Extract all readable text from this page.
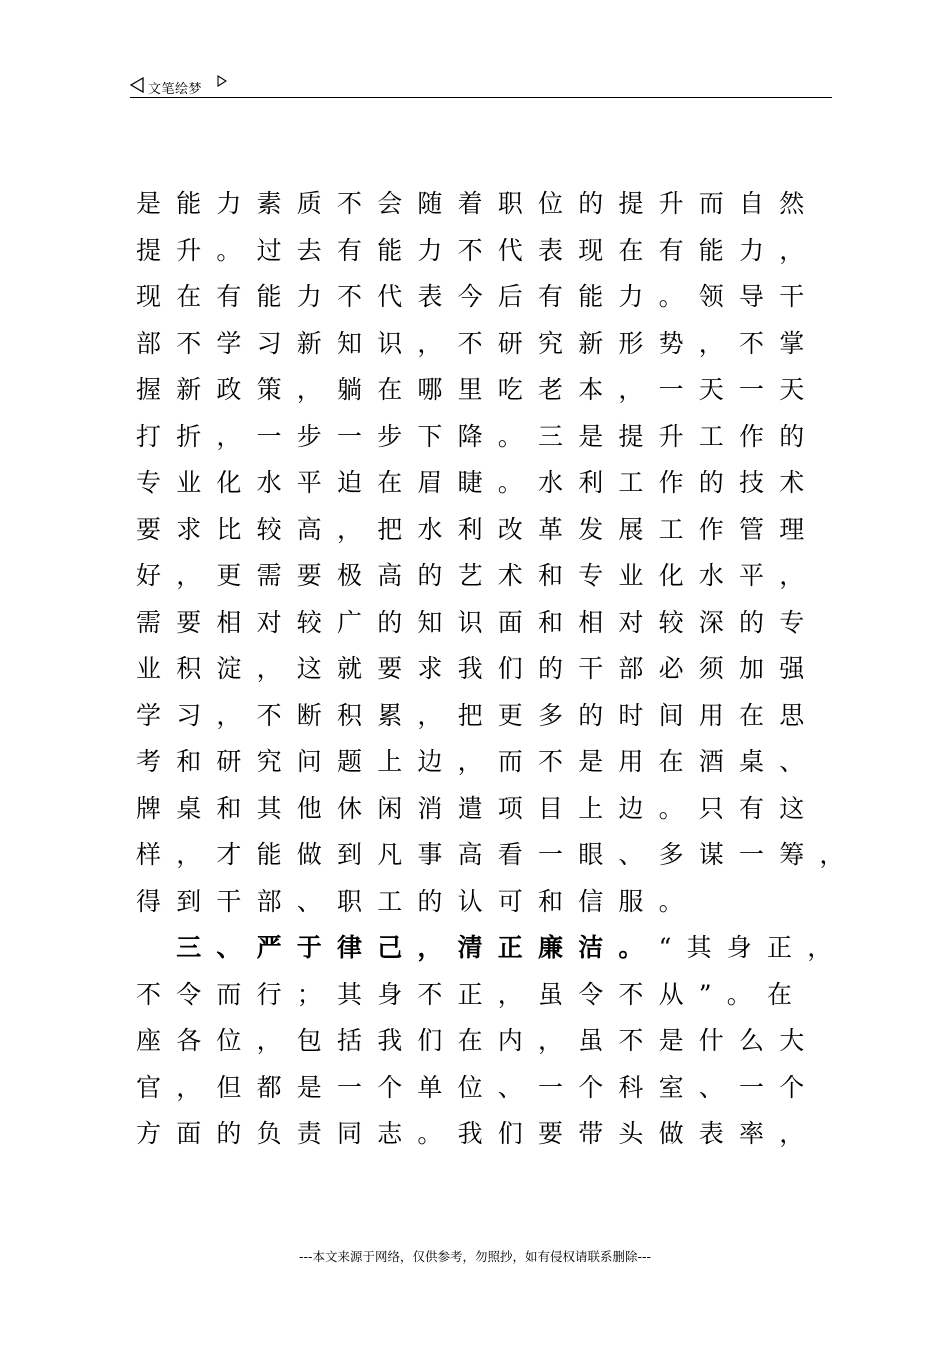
文笔绘梦
是能力素质不会随着职位的提升而自然
提升。过去有能力不代表现在有能力，
现在有能力不代表今后有能力。领导干
部不学习新知识，不研究新形势，不掌
握新政策，躺在哪里吃老本，一天一天
打折，一步一步下降。三是提升工作的
专业化水平迫在眉睫。水利工作的技术
要求比较高，把水利改革发展工作管理
好，更需要极高的艺术和专业化水平，
需要相对较广的知识面和相对较深的专
业积淀，这就要求我们的干部必须加强
学习，不断积累，把更多的时间用在思
考和研究问题上边，而不是用在酒桌、
牌桌和其他休闲消遣项目上边。只有这
样，才能做到凡事高看一眼、多谋一筹，
得到干部、职工的认可和信服。
　三、严于律己，清正廉洁。“其身正，
不令而行；其身不正，虽令不从”。在
座各位，包括我们在内，虽不是什么大
官，但都是一个单位、一个科室、一个
方面的负责同志。我们要带头做表率，
---本文来源于网络，仅供参考，勿照抄，如有侵权请联系删除---
